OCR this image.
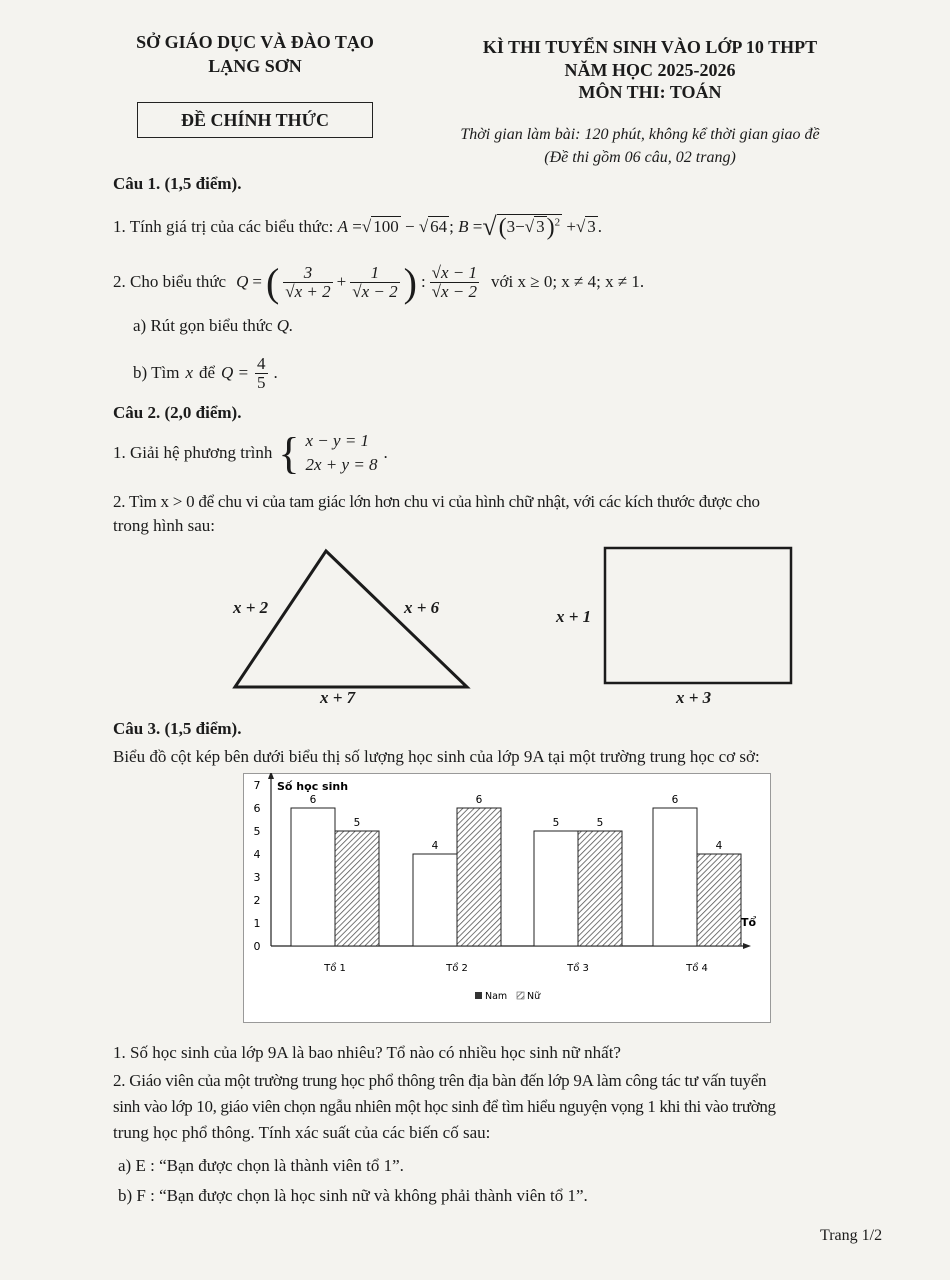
SỞ GIÁO DỤC VÀ ĐÀO TẠO
LẠNG SƠN
ĐỀ CHÍNH THỨC
KÌ THI TUYỂN SINH VÀO LỚP 10 THPT
NĂM HỌC 2025-2026
MÔN THI: TOÁN
Thời gian làm bài: 120 phút, không kể thời gian giao đề
(Đề thi gồm 06 câu, 02 trang)
Câu 1. (1,5 điểm).
1. Tính giá trị của các biểu thức: A =√ 100 − √ 64 ; B =√(3−√ 3)$^2$ +√ 3 .
2. Cho biểu thức Q = ( $\frac{3}{√x + 2} + \frac{1}{√x - 2}$ ) : $\frac{√x - 1}{√x - 2}$ với x ≥ 0; x ≠ 4; x ≠ 1.
a) Rút gọn biểu thức Q.
b) Tìm x để $Q = \frac{4}{5}$ .
Câu 2. (2,0 điểm).
1. Giải hệ phương trình { x − y = 1
2x + y = 8
.
2. Tìm x > 0 để chu vi của tam giác lớn hơn chu vi của hình chữ nhật, với các kích thước được cho
trong hình sau:
x + 2	x + 6
x + 7
x + 1
x + 3
Câu 3. (1,5 điểm).
Biểu đồ cột kép bên dưới biểu thị số lượng học sinh của lớp 9A tại một trường trung học cơ sở:
0
1
2
3
4
5
6
7
6
5
Tổ 1
4
6
Tổ 2
5	5
Tổ 3
6
4
Tổ 4
Số học sinh
Tổ
Nam Nữ
1. Số học sinh của lớp 9A là bao nhiêu? Tổ nào có nhiều học sinh nữ nhất?
2. Giáo viên của một trường trung học phổ thông trên địa bàn đến lớp 9A làm công tác tư vấn tuyển
sinh vào lớp 10, giáo viên chọn ngẫu nhiên một học sinh để tìm hiểu nguyện vọng 1 khi thi vào trường
trung học phổ thông. Tính xác suất của các biến cố sau:
a) E : “Bạn được chọn là thành viên tổ 1”.
b) F : “Bạn được chọn là học sinh nữ và không phải thành viên tổ 1”.
Trang 1/2
